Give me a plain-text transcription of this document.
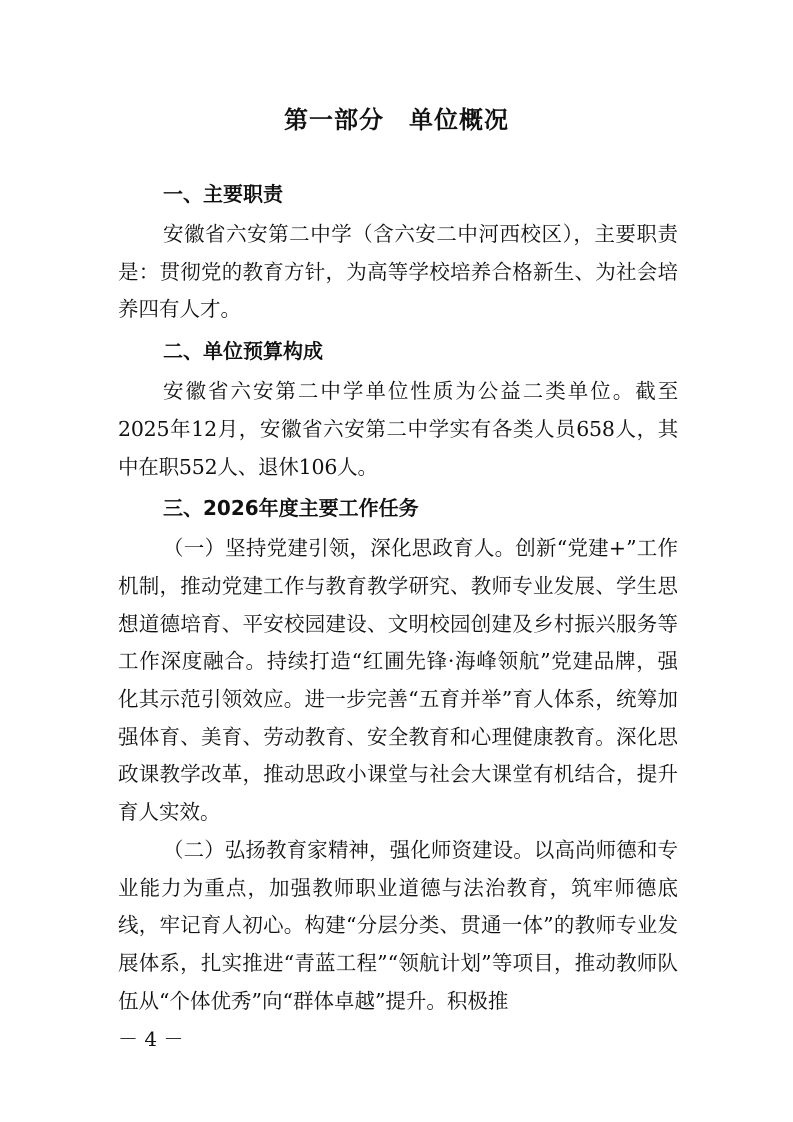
第一部分　单位概况
一、主要职责

安徽省六安第二中学（含六安二中河西校区），主要职责是：贯彻党的教育方针，为高等学校培养合格新生、为社会培养四有人才。

二、单位预算构成

安徽省六安第二中学单位性质为公益二类单位。截至2025年12月，安徽省六安第二中学实有各类人员658人，其中在职552人、退休106人。

三、2026年度主要工作任务

（一）坚持党建引领，深化思政育人。创新“党建+”工作机制，推动党建工作与教育教学研究、教师专业发展、学生思想道德培育、平安校园建设、文明校园创建及乡村振兴服务等工作深度融合。持续打造“红圃先锋·海峰领航”党建品牌，强化其示范引领效应。进一步完善“五育并举”育人体系，统筹加强体育、美育、劳动教育、安全教育和心理健康教育。深化思政课教学改革，推动思政小课堂与社会大课堂有机结合，提升育人实效。

（二）弘扬教育家精神，强化师资建设。以高尚师德和专业能力为重点，加强教师职业道德与法治教育，筑牢师德底线，牢记育人初心。构建“分层分类、贯通一体”的教师专业发展体系，扎实推进“青蓝工程”“领航计划”等项目，推动教师队伍从“个体优秀”向“群体卓越”提升。积极推

－ 4 －
